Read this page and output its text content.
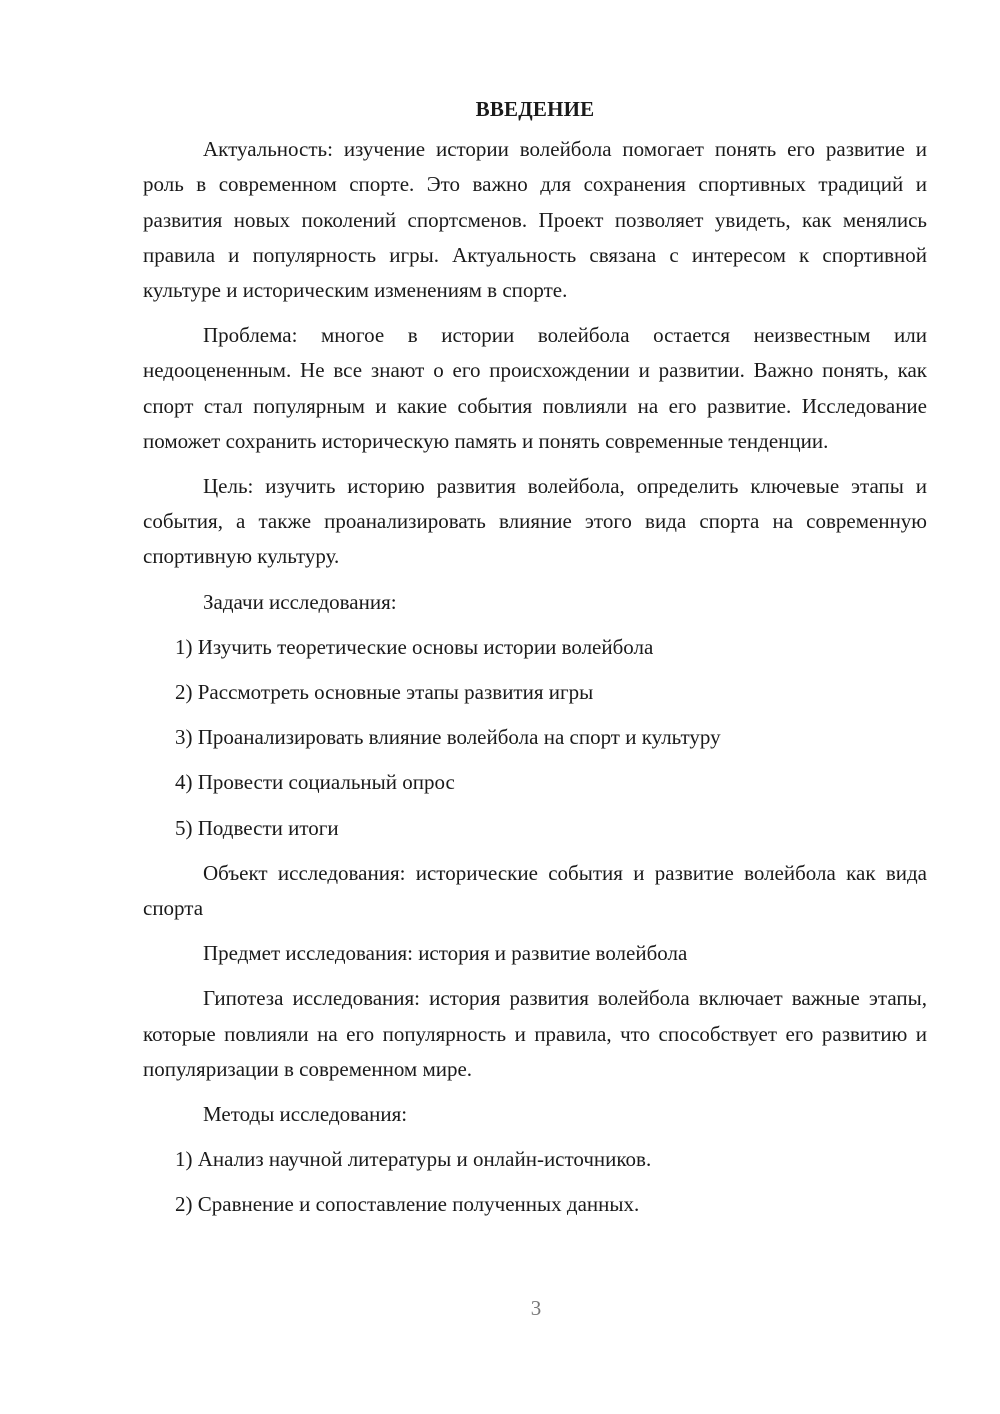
ВВЕДЕНИЕ

Актуальность: изучение истории волейбола помогает понять его развитие и роль в современном спорте. Это важно для сохранения спортивных традиций и развития новых поколений спортсменов. Проект позволяет увидеть, как менялись правила и популярность игры. Актуальность связана с интересом к спортивной культуре и историческим изменениям в спорте.

Проблема: многое в истории волейбола остается неизвестным или недооцененным. Не все знают о его происхождении и развитии. Важно понять, как спорт стал популярным и какие события повлияли на его развитие. Исследование поможет сохранить историческую память и понять современные тенденции.

Цель: изучить историю развития волейбола, определить ключевые этапы и события, а также проанализировать влияние этого вида спорта на современную спортивную культуру.

Задачи исследования:
1) Изучить теоретические основы истории волейбола
2) Рассмотреть основные этапы развития игры
3) Проанализировать влияние волейбола на спорт и культуру
4) Провести социальный опрос
5) Подвести итоги

Объект исследования: исторические события и развитие волейбола как вида спорта

Предмет исследования: история и развитие волейбола

Гипотеза исследования: история развития волейбола включает важные этапы, которые повлияли на его популярность и правила, что способствует его развитию и популяризации в современном мире.

Методы исследования:
1) Анализ научной литературы и онлайн-источников.
2) Сравнение и сопоставление полученных данных.
3
